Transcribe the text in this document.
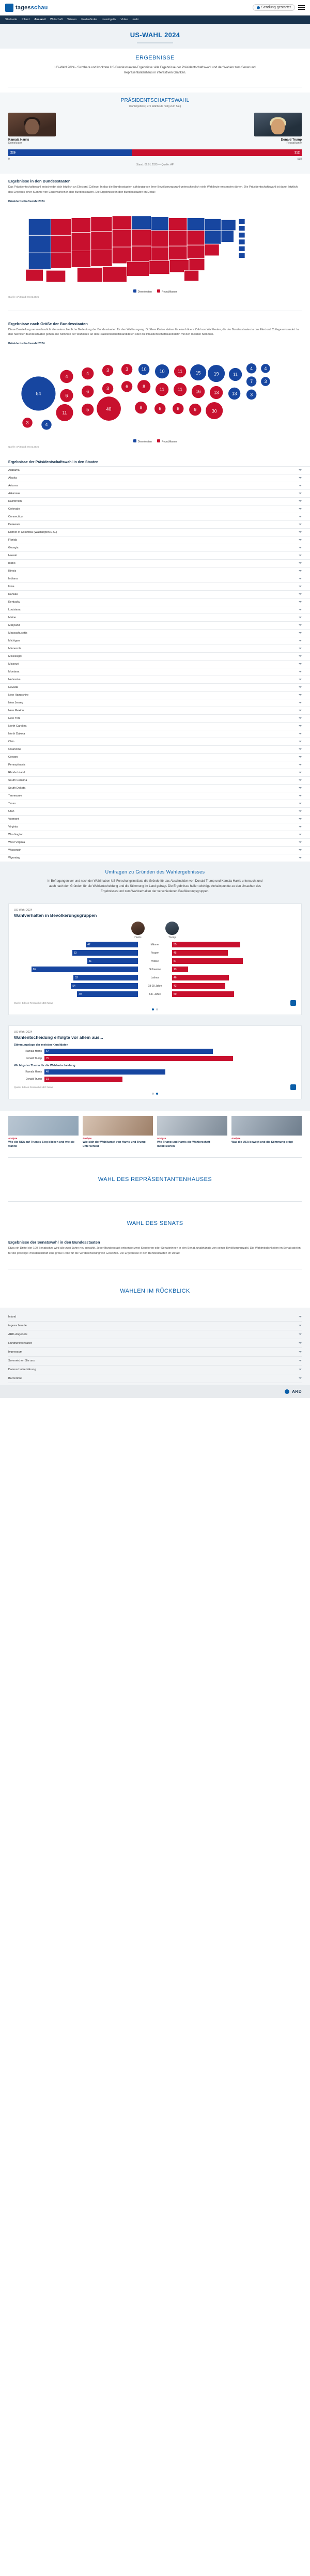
tagesschau	Sendung gestartet
Startseite Inland Ausland Wirtschaft Wissen Faktenfinder Investigativ Video mehr
US-WAHL 2024
ERGEBNISSE

US-Wahl 2024 - Sichtbare und konkrete US-Bundesstaaten-Ergebnisse: Alle Ergebnisse der Präsidentschaftswahl und der Wahlen zum Senat und Repräsentantenhaus in interaktiven Grafiken.

PRÄSIDENTSCHAFTSWAHL
Wahlergebnis | 270 Wahlleute nötig zum Sieg
Kamala Harris
Demokraten
Donald Trump
Republikaner
226	312
0	538
Stand: 06.01.2025 — Quelle: AP
Ergebnisse in den Bundesstaaten

Das Präsidentschaftswahl entscheidet sich letztlich an Electoral College. In das die Bundesstaaten abhängig von ihrer Bevölkerungszahl unterschiedlich viele Wahlleute entsenden dürfen. Die Präsidentschaftswahl ist damit letztlich das Ergebnis einer Summe von Einzelwahlen in den Bundesstaaten. Die Ergebnisse in den Bundesstaaten im Detail:

Präsidentschaftswahl 2024
Demokraten	Republikaner
Quelle: AP/Stand: 06.01.2025
Ergebnisse nach Größe der Bundesstaaten

Diese Darstellung veranschaulicht die unterschiedliche Bedeutung der Bundesstaaten für den Wahlausgang. Größere Kreise stehen für eine höhere Zahl von Wahlleuten, die der Bundesstaaten in das Electoral College entsendet. In den nächsten Bundesstaaten gehen alle Stimmen der Wahlleute an den Präsidentschaftskandidaten oder die Präsidentschaftskandidatin mit den meisten Stimmen.

Präsidentschaftswahl 2024
54
4
6
11
4
6
5
3
3
40
3
6
10
8
8
10
11
6
11
11
8
15
16
9
19
13
30
11
13
4
7
3
4
3
3	4
Demokraten	Republikaner
Quelle: AP/Stand: 06.01.2025
Ergebnisse der Präsidentschaftswahl in den Staaten
Alabama
Alaska
Arizona
Arkansas
Kalifornien
Colorado
Connecticut
Delaware
District of Columbia (Washington D.C.)
Florida
Georgia
Hawaii
Idaho
Illinois
Indiana
Iowa
Kansas
Kentucky
Louisiana
Maine
Maryland
Massachusetts
Michigan
Minnesota
Mississippi
Missouri
Montana
Nebraska
Nevada
New Hampshire
New Jersey
New Mexico
New York
North Carolina
North Dakota
Ohio
Oklahoma
Oregon
Pennsylvania
Rhode Island
South Carolina
South Dakota
Tennessee
Texas
Utah
Vermont
Virginia
Washington
West Virginia
Wisconsin
Wyoming
Umfragen zu Gründen des Wahlergebnisses

In Befragungen vor und nach der Wahl haben US-Forschungsinstitute die Gründe für das Abschneiden von Donald Trump und Kamala Harris untersucht und auch nach den Gründen für die Wahlentscheidung und die Stimmung im Land gefragt. Die Ergebnisse helfen wichtige Anhaltspunkte zu den Ursachen des Ergebnisses und zum Wahlverhalten der verschiedenen Bevölkerungsgruppen.

US-Wahl 2024
Wahlverhalten in Bevölkerungsgruppen
Harris	Trump
42	Männer	55
53	Frauen	45
41	Weiße	57
86	Schwarze	13
52	Latinos	46
54	18-29 Jahre	43
49	65+ Jahre	50
Quelle: Edison Research / NBC News
US-Wahl 2024
Wahlentscheidung erfolgte vor allem aus...
Stimmungslage der meisten Kandidaten
Kamala Harris	67
Donald Trump	75
Wichtigstes Thema für die Wahlentscheidung
Kamala Harris	48
Donald Trump	31
Quelle: Edison Research / NBC News
Analyse
Wie die USA auf Trumps Sieg blicken und wie sie wählte
Analyse
Wie sich der Wahlkampf von Harris und Trump unterschied
Analyse
Wie Trump und Harris die Wählerschaft mobilisierten
Analyse
Was die USA bewegt und die Stimmung prägt
WAHL DES REPRÄSENTANTENHAUSES
WAHL DES SENATS
Ergebnisse der Senatswahl in den Bundesstaaten

Etwa ein Drittel der 100 Senatssitze wird alle zwei Jahre neu gewählt. Jeder Bundesstaat entsendet zwei Senatoren oder Senatorinnen in den Senat, unabhängig von seiner Bevölkerungszahl. Die Wahlmöglichkeiten im Senat spielen für die jeweilige Präsidentschaft eine große Rolle für die Verabschiedung von Gesetzen. Die Ergebnisse in den Bundesstaaten im Detail:

WAHLEN IM RÜCKBLICK
Inland
tagesschau.de
ARD-Angebote
Rundfunkverwaltet
Impressum
So erreichen Sie uns
Datenschutzerklärung
Barrierefrei
ARD
